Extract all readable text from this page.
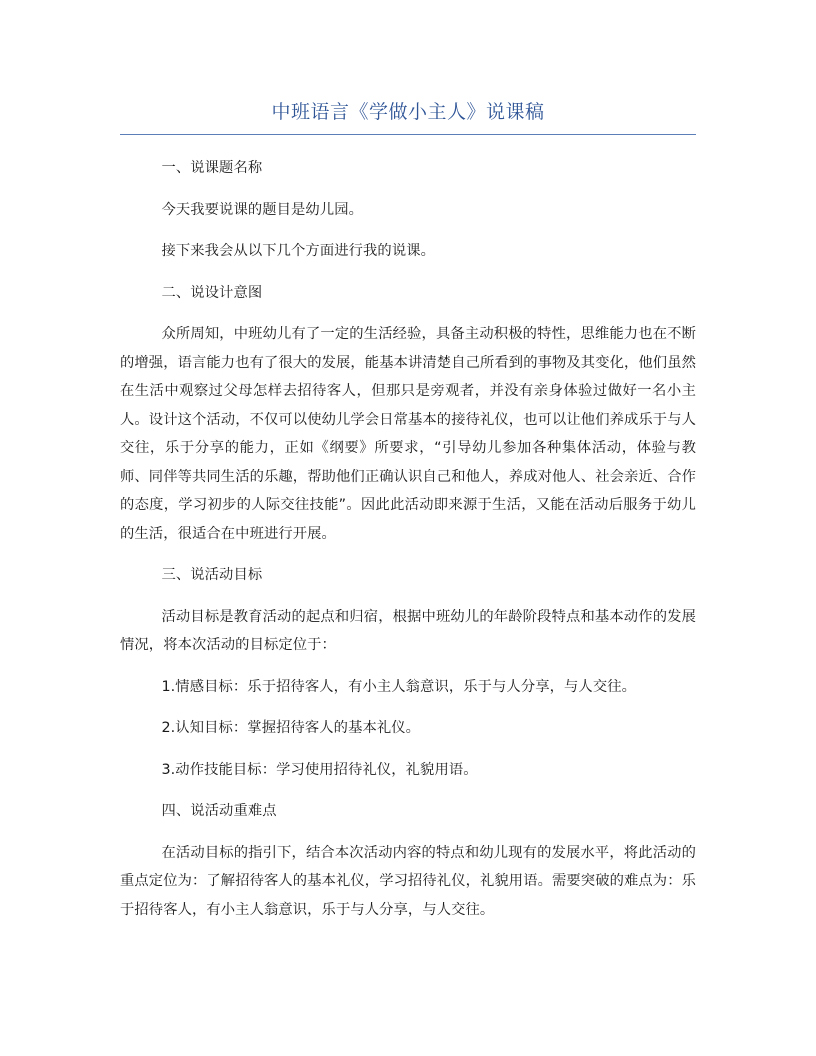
中班语言《学做小主人》说课稿

一、说课题名称

今天我要说课的题目是幼儿园。

接下来我会从以下几个方面进行我的说课。

二、说设计意图

众所周知，中班幼儿有了一定的生活经验，具备主动积极的特性，思维能力也在不断的增强，语言能力也有了很大的发展，能基本讲清楚自己所看到的事物及其变化，他们虽然在生活中观察过父母怎样去招待客人，但那只是旁观者，并没有亲身体验过做好一名小主人。设计这个活动，不仅可以使幼儿学会日常基本的接待礼仪，也可以让他们养成乐于与人交往，乐于分享的能力，正如《纲要》所要求，“引导幼儿参加各种集体活动，体验与教师、同伴等共同生活的乐趣，帮助他们正确认识自己和他人，养成对他人、社会亲近、合作的态度，学习初步的人际交往技能”。因此此活动即来源于生活，又能在活动后服务于幼儿的生活，很适合在中班进行开展。

三、说活动目标

活动目标是教育活动的起点和归宿，根据中班幼儿的年龄阶段特点和基本动作的发展情况，将本次活动的目标定位于：

1.情感目标：乐于招待客人，有小主人翁意识，乐于与人分享，与人交往。

2.认知目标：掌握招待客人的基本礼仪。

3.动作技能目标：学习使用招待礼仪，礼貌用语。

四、说活动重难点

在活动目标的指引下，结合本次活动内容的特点和幼儿现有的发展水平，将此活动的重点定位为：了解招待客人的基本礼仪，学习招待礼仪，礼貌用语。需要突破的难点为：乐于招待客人，有小主人翁意识，乐于与人分享，与人交往。
